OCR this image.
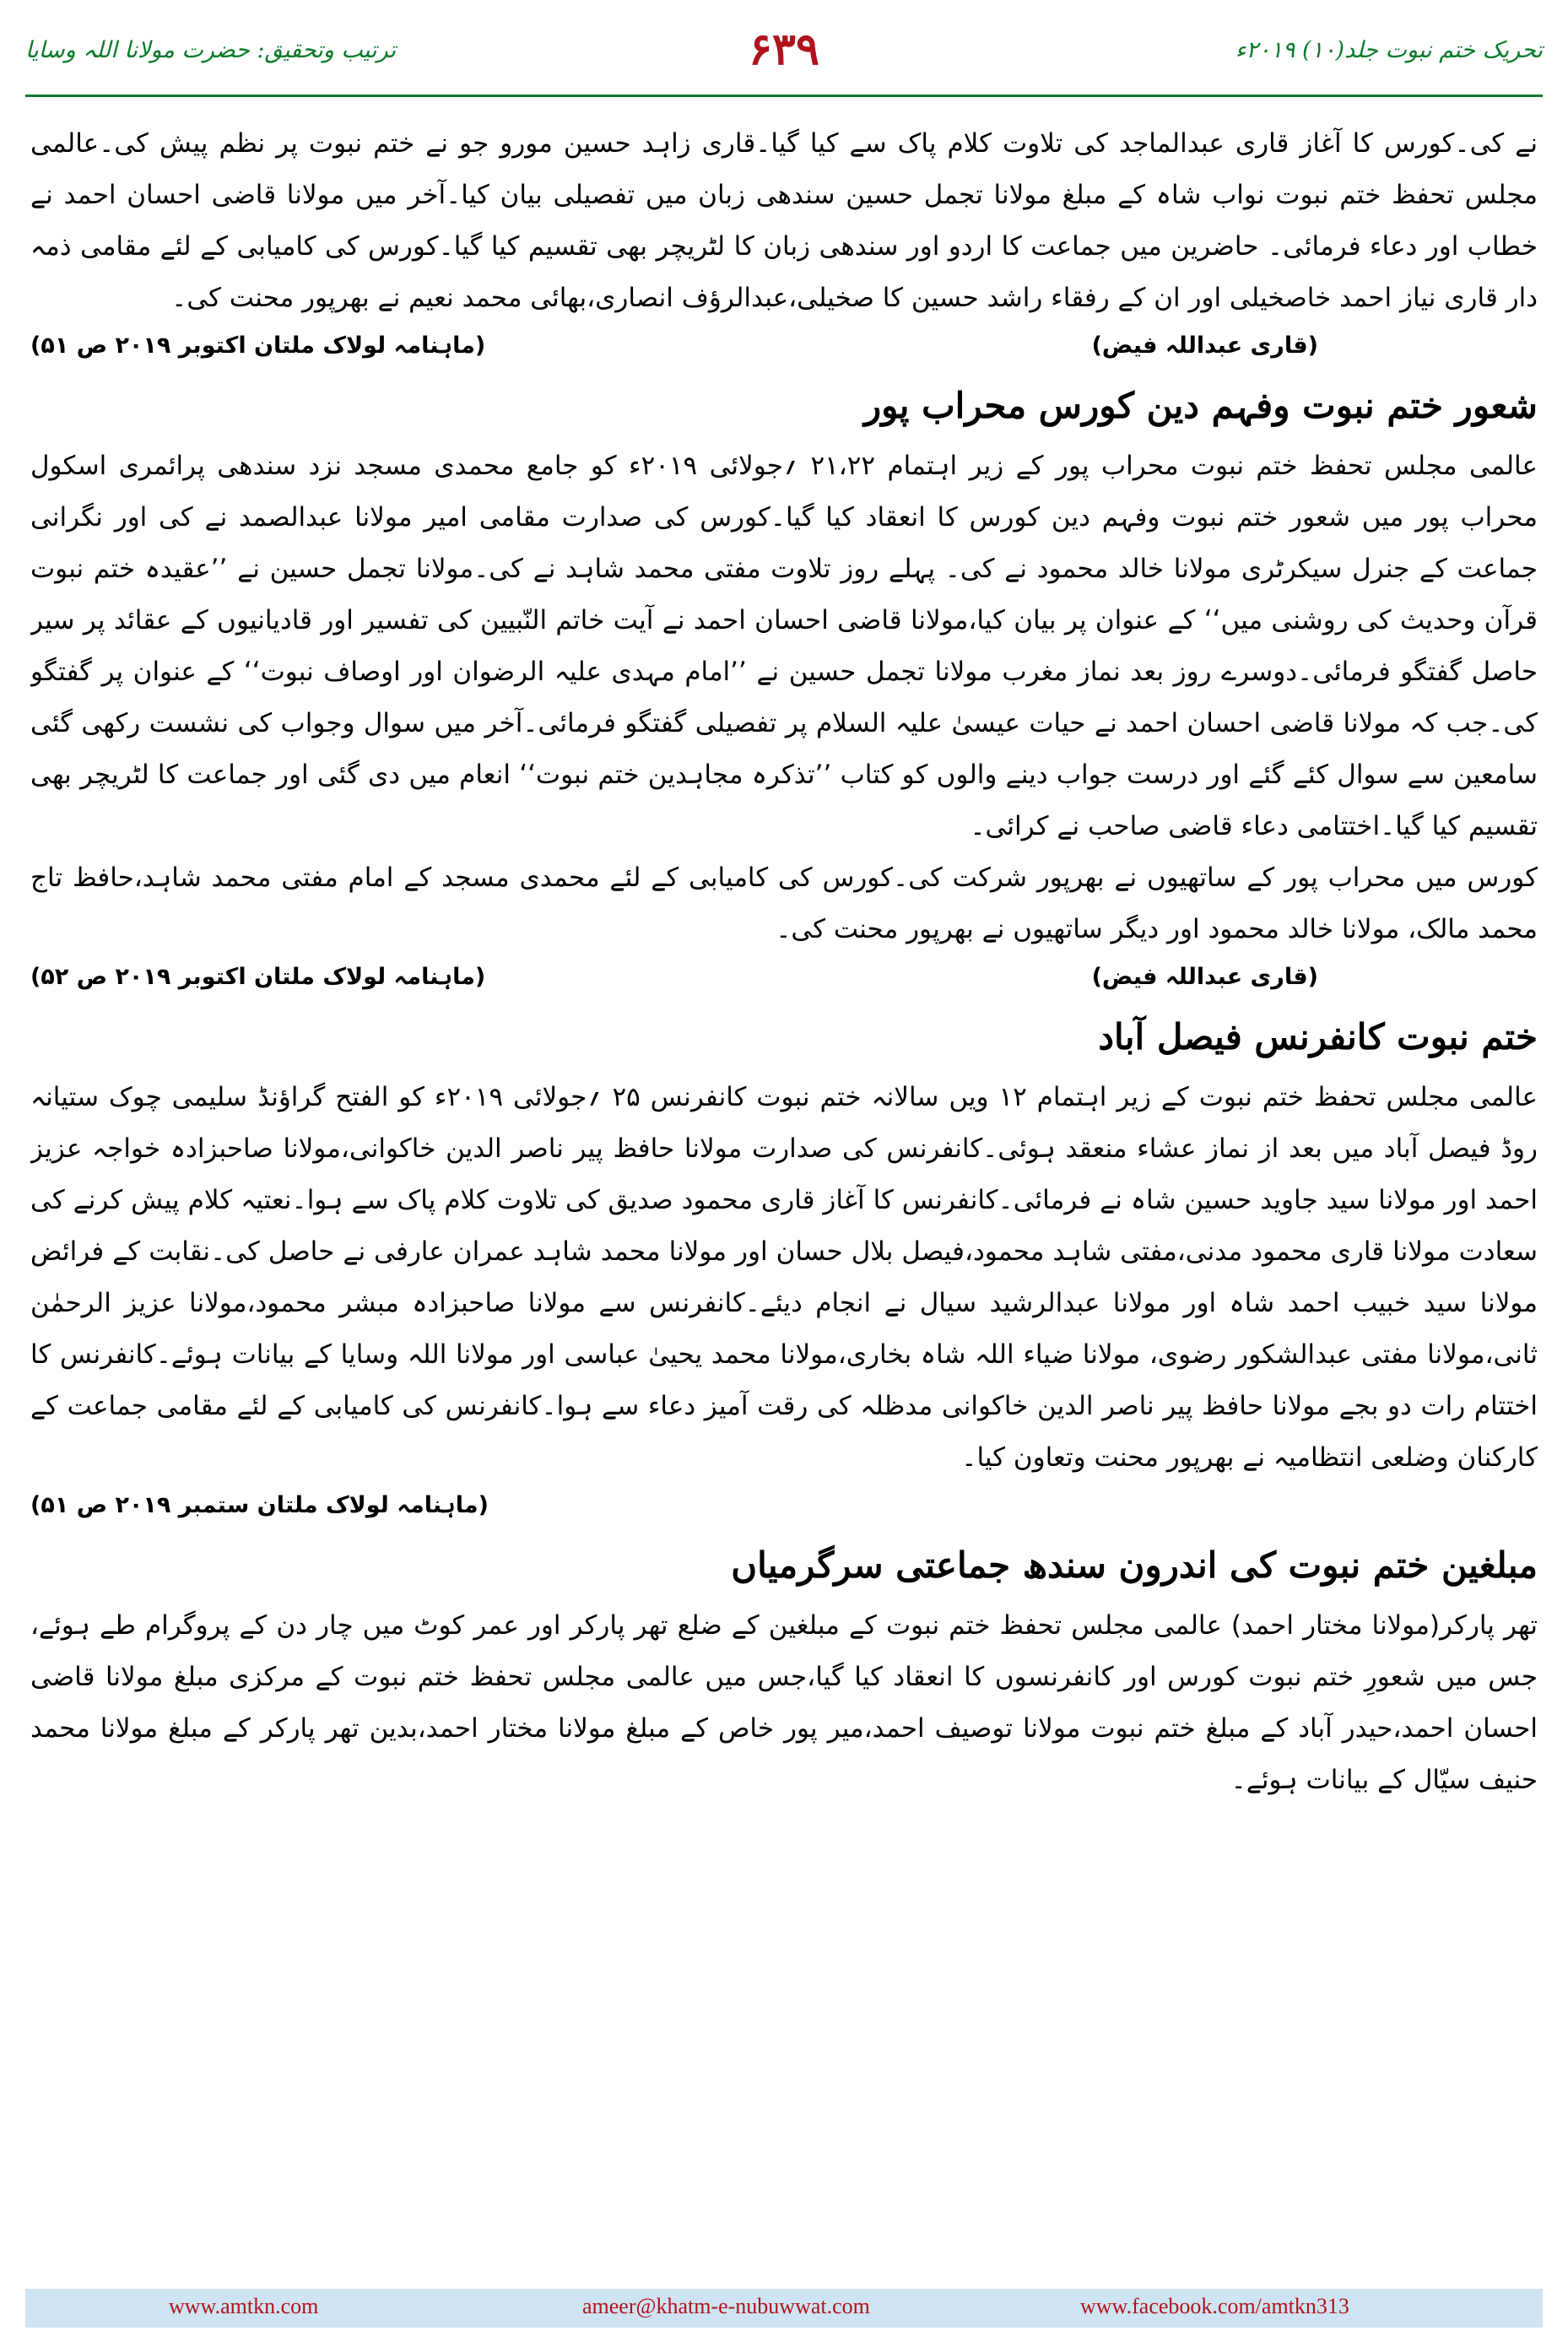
تحریک ختم نبوت جلد(۱۰) ۲۰۱۹ء
۶۳۹
ترتیب وتحقیق: حضرت مولانا اللہ وسایا

نے کی۔کورس کا آغاز قاری عبدالماجد کی تلاوت کلام پاک سے کیا گیا۔قاری زاہد حسین مورو جو نے ختم نبوت پر نظم پیش کی۔عالمی مجلس تحفظ ختم نبوت نواب شاہ کے مبلغ مولانا تجمل حسین سندھی زبان میں تفصیلی بیان کیا۔آخر میں مولانا قاضی احسان احمد نے خطاب اور دعاء فرمائی۔ حاضرین میں جماعت کا اردو اور سندھی زبان کا لٹریچر بھی تقسیم کیا گیا۔کورس کی کامیابی کے لئے مقامی ذمہ دار قاری نیاز احمد خاصخیلی اور ان کے رفقاء راشد حسین کا صخیلی،عبدالرؤف انصاری،بھائی محمد نعیم نے بھرپور محنت کی۔

(قاری عبداللہ فیض)
(ماہنامہ لولاک ملتان اکتوبر ۲۰۱۹ ص ۵۱)
شعور ختم نبوت وفہم دین کورس محراب پور

عالمی مجلس تحفظ ختم نبوت محراب پور کے زیر اہتمام ۲۱،۲۲ ؍جولائی ۲۰۱۹ء کو جامع محمدی مسجد نزد سندھی پرائمری اسکول محراب پور میں شعور ختم نبوت وفہم دین کورس کا انعقاد کیا گیا۔کورس کی صدارت مقامی امیر مولانا عبدالصمد نے کی اور نگرانی جماعت کے جنرل سیکرٹری مولانا خالد محمود نے کی۔ پہلے روز تلاوت مفتی محمد شاہد نے کی۔مولانا تجمل حسین نے ’’عقیدہ ختم نبوت قرآن وحدیث کی روشنی میں‘‘ کے عنوان پر بیان کیا،مولانا قاضی احسان احمد نے آیت خاتم النّبیین کی تفسیر اور قادیانیوں کے عقائد پر سیر حاصل گفتگو فرمائی۔دوسرے روز بعد نماز مغرب مولانا تجمل حسین نے ’’امام مہدی علیہ الرضوان اور اوصاف نبوت‘‘ کے عنوان پر گفتگو کی۔جب کہ مولانا قاضی احسان احمد نے حیات عیسیٰ علیہ السلام پر تفصیلی گفتگو فرمائی۔آخر میں سوال وجواب کی نشست رکھی گئی سامعین سے سوال کئے گئے اور درست جواب دینے والوں کو کتاب ’’تذکرہ مجاہدین ختم نبوت‘‘ انعام میں دی گئی اور جماعت کا لٹریچر بھی تقسیم کیا گیا۔اختتامی دعاء قاضی صاحب نے کرائی۔

کورس میں محراب پور کے ساتھیوں نے بھرپور شرکت کی۔کورس کی کامیابی کے لئے محمدی مسجد کے امام مفتی محمد شاہد،حافظ تاج محمد مالک، مولانا خالد محمود اور دیگر ساتھیوں نے بھرپور محنت کی۔

(قاری عبداللہ فیض)
(ماہنامہ لولاک ملتان اکتوبر ۲۰۱۹ ص ۵۲)
ختم نبوت کانفرنس فیصل آباد

عالمی مجلس تحفظ ختم نبوت کے زیر اہتمام ۱۲ ویں سالانہ ختم نبوت کانفرنس ۲۵ ؍جولائی ۲۰۱۹ء کو الفتح گراؤنڈ سلیمی چوک ستیانہ روڈ فیصل آباد میں بعد از نماز عشاء منعقد ہوئی۔کانفرنس کی صدارت مولانا حافظ پیر ناصر الدین خاکوانی،مولانا صاحبزادہ خواجہ عزیز احمد اور مولانا سید جاوید حسین شاہ نے فرمائی۔کانفرنس کا آغاز قاری محمود صدیق کی تلاوت کلام پاک سے ہوا۔نعتیہ کلام پیش کرنے کی سعادت مولانا قاری محمود مدنی،مفتی شاہد محمود،فیصل بلال حسان اور مولانا محمد شاہد عمران عارفی نے حاصل کی۔نقابت کے فرائض مولانا سید خبیب احمد شاہ اور مولانا عبدالرشید سیال نے انجام دیئے۔کانفرنس سے مولانا صاحبزادہ مبشر محمود،مولانا عزیز الرحمٰن ثانی،مولانا مفتی عبدالشکور رضوی، مولانا ضیاء اللہ شاہ بخاری،مولانا محمد یحییٰ عباسی اور مولانا اللہ وسایا کے بیانات ہوئے۔کانفرنس کا اختتام رات دو بجے مولانا حافظ پیر ناصر الدین خاکوانی مدظلہ کی رقت آمیز دعاء سے ہوا۔کانفرنس کی کامیابی کے لئے مقامی جماعت کے کارکنان وضلعی انتظامیہ نے بھرپور محنت وتعاون کیا۔

(ماہنامہ لولاک ملتان ستمبر ۲۰۱۹ ص ۵۱)
مبلغین ختم نبوت کی اندرون سندھ جماعتی سرگرمیاں

تھر پارکر(مولانا مختار احمد) عالمی مجلس تحفظ ختم نبوت کے مبلغین کے ضلع تھر پارکر اور عمر کوٹ میں چار دن کے پروگرام طے ہوئے، جس میں شعورِ ختم نبوت کورس اور کانفرنسوں کا انعقاد کیا گیا،جس میں عالمی مجلس تحفظ ختم نبوت کے مرکزی مبلغ مولانا قاضی احسان احمد،حیدر آباد کے مبلغ ختم نبوت مولانا توصیف احمد،میر پور خاص کے مبلغ مولانا مختار احمد،بدین تھر پارکر کے مبلغ مولانا محمد حنیف سیّال کے بیانات ہوئے۔

www.amtkn.com	ameer@khatm-e-nubuwwat.com	www.facebook.com/amtkn313
